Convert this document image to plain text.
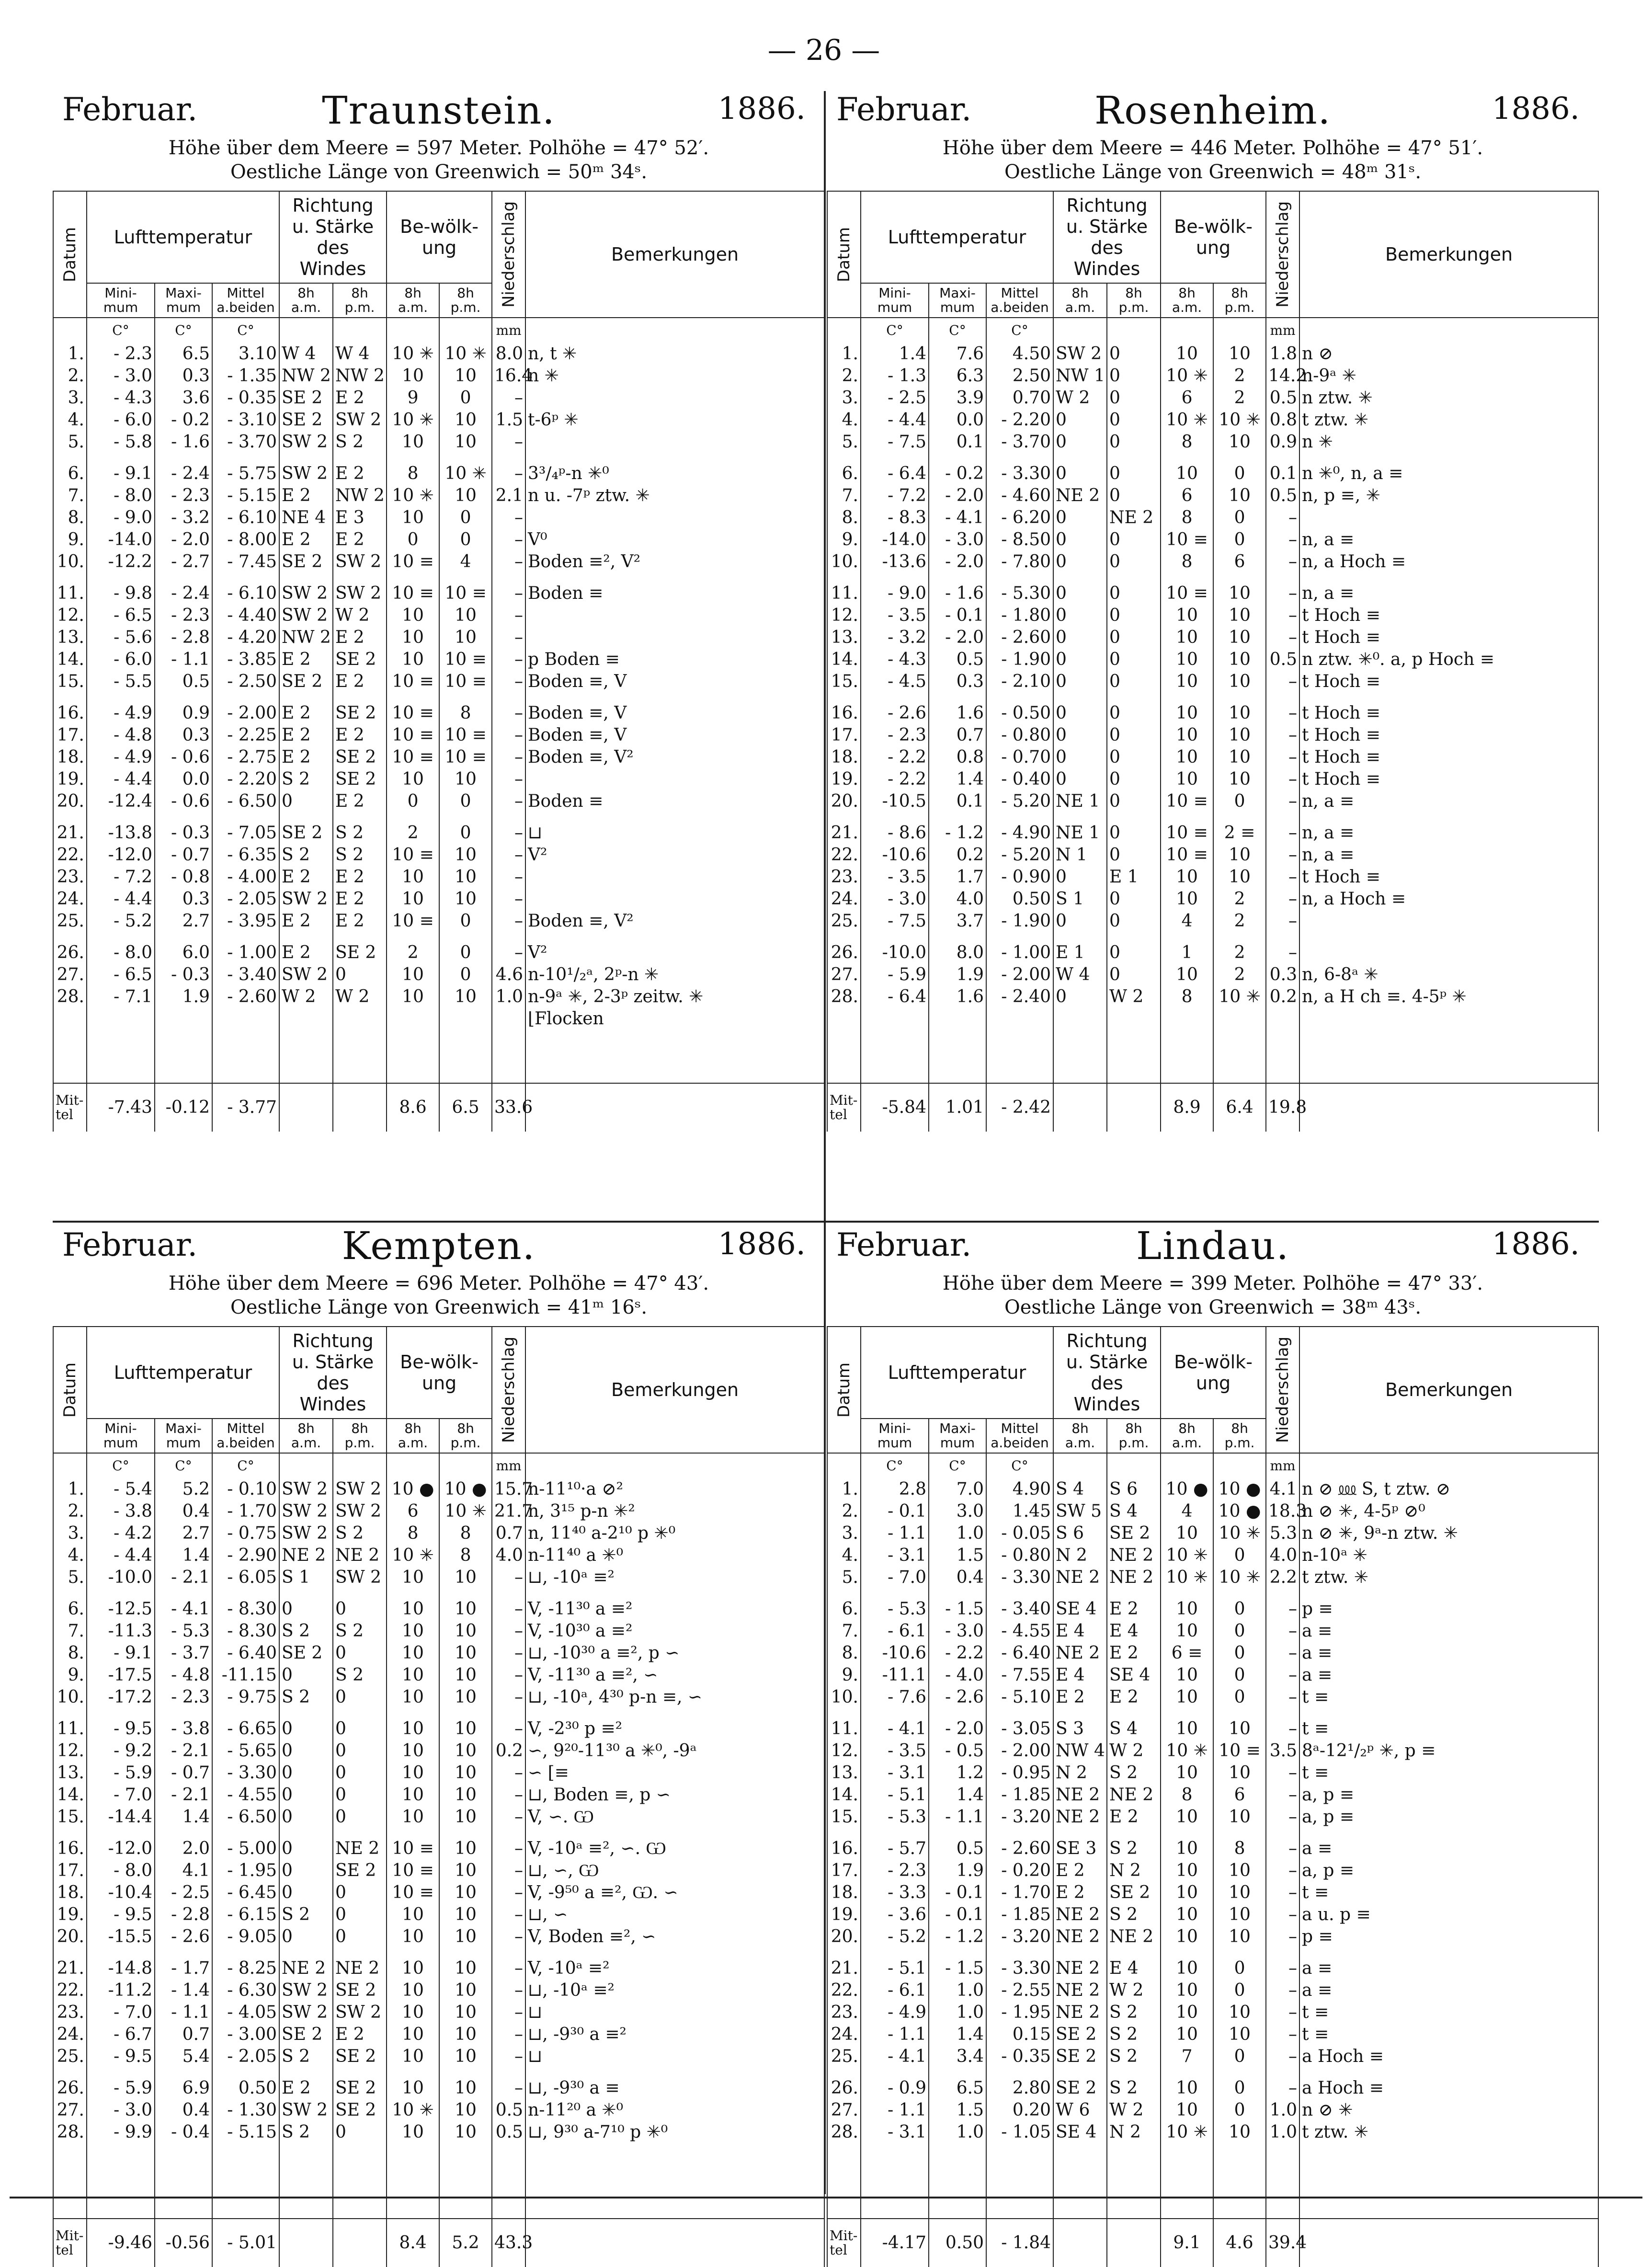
— 26 —
Februar.	Traunstein.	1886.
Höhe über dem Meere = 597 Meter. Polhöhe = 47° 52′.
Oestliche Länge von Greenwich = 50ᵐ 34ˢ.
Datum	Lufttemperatur			Richtung u. Stärke des Windes		Be-wölk-ung		Niederschlag	Bemerkungen
	Mini-mum	Maxi-mum	Mittel a.beiden	8h a.m.	8h p.m.	8h a.m.	8h p.m.		
	C°	C°	C°					mm	
1.	- 2.3	6.5	3.10	W 4	W 4	10 ✳	10 ✳	8.0	n, t ✳
2.	- 3.0	0.3	- 1.35	NW 2	NW 2	10	10	16.4	n ✳
3.	- 4.3	3.6	- 0.35	SE 2	E 2	9	0	–	
4.	- 6.0	- 0.2	- 3.10	SE 2	SW 2	10 ✳	10	1.5	t-6ᵖ ✳
5.	- 5.8	- 1.6	- 3.70	SW 2	S 2	10	10	–	

6.	- 9.1	- 2.4	- 5.75	SW 2	E 2	8	10 ✳	–	3³/₄ᵖ-n ✳⁰
7.	- 8.0	- 2.3	- 5.15	E 2	NW 2	10 ✳	10	2.1	n u. -7ᵖ ztw. ✳
8.	- 9.0	- 3.2	- 6.10	NE 4	E 3	10	0	–	
9.	-14.0	- 2.0	- 8.00	E 2	E 2	0	0	–	V⁰
10.	-12.2	- 2.7	- 7.45	SE 2	SW 2	10 ≡	4	–	Boden ≡², V²

11.	- 9.8	- 2.4	- 6.10	SW 2	SW 2	10 ≡	10 ≡	–	Boden ≡
12.	- 6.5	- 2.3	- 4.40	SW 2	W 2	10	10	–	
13.	- 5.6	- 2.8	- 4.20	NW 2	E 2	10	10	–	
14.	- 6.0	- 1.1	- 3.85	E 2	SE 2	10	10 ≡	–	p Boden ≡
15.	- 5.5	0.5	- 2.50	SE 2	E 2	10 ≡	10 ≡	–	Boden ≡, V

16.	- 4.9	0.9	- 2.00	E 2	SE 2	10 ≡	8	–	Boden ≡, V
17.	- 4.8	0.3	- 2.25	E 2	E 2	10 ≡	10 ≡	–	Boden ≡, V
18.	- 4.9	- 0.6	- 2.75	E 2	SE 2	10 ≡	10 ≡	–	Boden ≡, V²
19.	- 4.4	0.0	- 2.20	S 2	SE 2	10	10	–	
20.	-12.4	- 0.6	- 6.50	0	E 2	0	0	–	Boden ≡

21.	-13.8	- 0.3	- 7.05	SE 2	S 2	2	0	–	⊔
22.	-12.0	- 0.7	- 6.35	S 2	S 2	10 ≡	10	–	V²
23.	- 7.2	- 0.8	- 4.00	E 2	E 2	10	10	–	
24.	- 4.4	0.3	- 2.05	SW 2	E 2	10	10	–	
25.	- 5.2	2.7	- 3.95	E 2	E 2	10 ≡	0	–	Boden ≡, V²

26.	- 8.0	6.0	- 1.00	E 2	SE 2	2	0	–	V²
27.	- 6.5	- 0.3	- 3.40	SW 2	0	10	0	4.6	n-10¹/₂ᵃ, 2ᵖ-n ✳
28.	- 7.1	1.9	- 2.60	W 2	W 2	10	10	1.0	n-9ᵃ ✳, 2-3ᵖ zeitw. ✳
									⌊Flocken

Mit-tel	-7.43	-0.12	- 3.77			8.6	6.5	33.6	
Februar.	Rosenheim.	1886.
Höhe über dem Meere = 446 Meter. Polhöhe = 47° 51′.
Oestliche Länge von Greenwich = 48ᵐ 31ˢ.
Datum	Lufttemperatur			Richtung u. Stärke des Windes		Be-wölk-ung		Niederschlag	Bemerkungen
	Mini-mum	Maxi-mum	Mittel a.beiden	8h a.m.	8h p.m.	8h a.m.	8h p.m.		
	C°	C°	C°					mm	
1.	1.4	7.6	4.50	SW 2	0	10	10	1.8	n ⊘
2.	- 1.3	6.3	2.50	NW 1	0	10 ✳	2	14.2	n-9ᵃ ✳
3.	- 2.5	3.9	0.70	W 2	0	6	2	0.5	n ztw. ✳
4.	- 4.4	0.0	- 2.20	0	0	10 ✳	10 ✳	0.8	t ztw. ✳
5.	- 7.5	0.1	- 3.70	0	0	8	10	0.9	n ✳

6.	- 6.4	- 0.2	- 3.30	0	0	10	0	0.1	n ✳⁰, n, a ≡
7.	- 7.2	- 2.0	- 4.60	NE 2	0	6	10	0.5	n, p ≡, ✳
8.	- 8.3	- 4.1	- 6.20	0	NE 2	8	0	–	
9.	-14.0	- 3.0	- 8.50	0	0	10 ≡	0	–	n, a ≡
10.	-13.6	- 2.0	- 7.80	0	0	8	6	–	n, a Hoch ≡

11.	- 9.0	- 1.6	- 5.30	0	0	10 ≡	10	–	n, a ≡
12.	- 3.5	- 0.1	- 1.80	0	0	10	10	–	t Hoch ≡
13.	- 3.2	- 2.0	- 2.60	0	0	10	10	–	t Hoch ≡
14.	- 4.3	0.5	- 1.90	0	0	10	10	0.5	n ztw. ✳⁰. a, p Hoch ≡
15.	- 4.5	0.3	- 2.10	0	0	10	10	–	t Hoch ≡

16.	- 2.6	1.6	- 0.50	0	0	10	10	–	t Hoch ≡
17.	- 2.3	0.7	- 0.80	0	0	10	10	–	t Hoch ≡
18.	- 2.2	0.8	- 0.70	0	0	10	10	–	t Hoch ≡
19.	- 2.2	1.4	- 0.40	0	0	10	10	–	t Hoch ≡
20.	-10.5	0.1	- 5.20	NE 1	0	10 ≡	0	–	n, a ≡

21.	- 8.6	- 1.2	- 4.90	NE 1	0	10 ≡	2 ≡	–	n, a ≡
22.	-10.6	0.2	- 5.20	N 1	0	10 ≡	10	–	n, a ≡
23.	- 3.5	1.7	- 0.90	0	E 1	10	10	–	t Hoch ≡
24.	- 3.0	4.0	0.50	S 1	0	10	2	–	n, a Hoch ≡
25.	- 7.5	3.7	- 1.90	0	0	4	2	–	

26.	-10.0	8.0	- 1.00	E 1	0	1	2	–	
27.	- 5.9	1.9	- 2.00	W 4	0	10	2	0.3	n, 6-8ᵃ ✳
28.	- 6.4	1.6	- 2.40	0	W 2	8	10 ✳	0.2	n, a H ch ≡. 4-5ᵖ ✳

Mit-tel	-5.84	1.01	- 2.42			8.9	6.4	19.8	
Februar.	Kempten.	1886.
Höhe über dem Meere = 696 Meter. Polhöhe = 47° 43′.
Oestliche Länge von Greenwich = 41ᵐ 16ˢ.
Datum	Lufttemperatur			Richtung u. Stärke des Windes		Be-wölk-ung		Niederschlag	Bemerkungen
	Mini-mum	Maxi-mum	Mittel a.beiden	8h a.m.	8h p.m.	8h a.m.	8h p.m.		
	C°	C°	C°					mm	
1.	- 5.4	5.2	- 0.10	SW 2	SW 2	10 ●	10 ●	15.7	n-11¹⁰·a ⊘²
2.	- 3.8	0.4	- 1.70	SW 2	SW 2	6	10 ✳	21.7	n, 3¹⁵ p-n ✳²
3.	- 4.2	2.7	- 0.75	SW 2	S 2	8	8	0.7	n, 11⁴⁰ a-2¹⁰ p ✳⁰
4.	- 4.4	1.4	- 2.90	NE 2	NE 2	10 ✳	8	4.0	n-11⁴⁰ a ✳⁰
5.	-10.0	- 2.1	- 6.05	S 1	SW 2	10	10	–	⊔, -10ᵃ ≡²

6.	-12.5	- 4.1	- 8.30	0	0	10	10	–	V, -11³⁰ a ≡²
7.	-11.3	- 5.3	- 8.30	S 2	S 2	10	10	–	V, -10³⁰ a ≡²
8.	- 9.1	- 3.7	- 6.40	SE 2	0	10	10	–	⊔, -10³⁰ a ≡², p ∽
9.	-17.5	- 4.8	-11.15	0	S 2	10	10	–	V, -11³⁰ a ≡², ∽
10.	-17.2	- 2.3	- 9.75	S 2	0	10	10	–	⊔, -10ᵃ, 4³⁰ p-n ≡, ∽

11.	- 9.5	- 3.8	- 6.65	0	0	10	10	–	V, -2³⁰ p ≡²
12.	- 9.2	- 2.1	- 5.65	0	0	10	10	0.2	∽, 9²⁰-11³⁰ a ✳⁰, -9ᵃ
13.	- 5.9	- 0.7	- 3.30	0	0	10	10	–	∽ [≡
14.	- 7.0	- 2.1	- 4.55	0	0	10	10	–	⊔, Boden ≡, p ∽
15.	-14.4	1.4	- 6.50	0	0	10	10	–	V, ∽. Ѡ

16.	-12.0	2.0	- 5.00	0	NE 2	10 ≡	10	–	V, -10ᵃ ≡², ∽. Ѡ
17.	- 8.0	4.1	- 1.95	0	SE 2	10 ≡	10	–	⊔, ∽, Ѡ
18.	-10.4	- 2.5	- 6.45	0	0	10 ≡	10	–	V, -9⁵⁰ a ≡², Ѡ. ∽
19.	- 9.5	- 2.8	- 6.15	S 2	0	10	10	–	⊔, ∽
20.	-15.5	- 2.6	- 9.05	0	0	10	10	–	V, Boden ≡², ∽

21.	-14.8	- 1.7	- 8.25	NE 2	NE 2	10	10	–	V, -10ᵃ ≡²
22.	-11.2	- 1.4	- 6.30	SW 2	SE 2	10	10	–	⊔, -10ᵃ ≡²
23.	- 7.0	- 1.1	- 4.05	SW 2	SW 2	10	10	–	⊔
24.	- 6.7	0.7	- 3.00	SE 2	E 2	10	10	–	⊔, -9³⁰ a ≡²
25.	- 9.5	5.4	- 2.05	S 2	SE 2	10	10	–	⊔

26.	- 5.9	6.9	0.50	E 2	SE 2	10	10	–	⊔, -9³⁰ a ≡
27.	- 3.0	0.4	- 1.30	SW 2	SE 2	10 ✳	10	0.5	n-11²⁰ a ✳⁰
28.	- 9.9	- 0.4	- 5.15	S 2	0	10	10	0.5	⊔, 9³⁰ a-7¹⁰ p ✳⁰

Mit-tel	-9.46	-0.56	- 5.01			8.4	5.2	43.3	
Februar.	Lindau.	1886.
Höhe über dem Meere = 399 Meter. Polhöhe = 47° 33′.
Oestliche Länge von Greenwich = 38ᵐ 43ˢ.
Datum	Lufttemperatur			Richtung u. Stärke des Windes		Be-wölk-ung		Niederschlag	Bemerkungen
	Mini-mum	Maxi-mum	Mittel a.beiden	8h a.m.	8h p.m.	8h a.m.	8h p.m.		
	C°	C°	C°					mm	
1.	2.8	7.0	4.90	S 4	S 6	10 ●	10 ●	4.1	n ⊘ ⅏ S, t ztw. ⊘
2.	- 0.1	3.0	1.45	SW 5	S 4	4	10 ●	18.3	n ⊘ ✳, 4-5ᵖ ⊘⁰
3.	- 1.1	1.0	- 0.05	S 6	SE 2	10	10 ✳	5.3	n ⊘ ✳, 9ᵃ-n ztw. ✳
4.	- 3.1	1.5	- 0.80	N 2	NE 2	10 ✳	0	4.0	n-10ᵃ ✳
5.	- 7.0	0.4	- 3.30	NE 2	NE 2	10 ✳	10 ✳	2.2	t ztw. ✳

6.	- 5.3	- 1.5	- 3.40	SE 4	E 2	10	0	–	p ≡
7.	- 6.1	- 3.0	- 4.55	E 4	E 4	10	0	–	a ≡
8.	-10.6	- 2.2	- 6.40	NE 2	E 2	6 ≡	0	–	a ≡
9.	-11.1	- 4.0	- 7.55	E 4	SE 4	10	0	–	a ≡
10.	- 7.6	- 2.6	- 5.10	E 2	E 2	10	0	–	t ≡

11.	- 4.1	- 2.0	- 3.05	S 3	S 4	10	10	–	t ≡
12.	- 3.5	- 0.5	- 2.00	NW 4	W 2	10 ✳	10 ≡	3.5	8ᵃ-12¹/₂ᵖ ✳, p ≡
13.	- 3.1	1.2	- 0.95	N 2	S 2	10	10	–	t ≡
14.	- 5.1	1.4	- 1.85	NE 2	NE 2	8	6	–	a, p ≡
15.	- 5.3	- 1.1	- 3.20	NE 2	E 2	10	10	–	a, p ≡

16.	- 5.7	0.5	- 2.60	SE 3	S 2	10	8	–	a ≡
17.	- 2.3	1.9	- 0.20	E 2	N 2	10	10	–	a, p ≡
18.	- 3.3	- 0.1	- 1.70	E 2	SE 2	10	10	–	t ≡
19.	- 3.6	- 0.1	- 1.85	NE 2	S 2	10	10	–	a u. p ≡
20.	- 5.2	- 1.2	- 3.20	NE 2	NE 2	10	10	–	p ≡

21.	- 5.1	- 1.5	- 3.30	NE 2	E 4	10	0	–	a ≡
22.	- 6.1	1.0	- 2.55	NE 2	W 2	10	0	–	a ≡
23.	- 4.9	1.0	- 1.95	NE 2	S 2	10	10	–	t ≡
24.	- 1.1	1.4	0.15	SE 2	S 2	10	10	–	t ≡
25.	- 4.1	3.4	- 0.35	SE 2	S 2	7	0	–	a Hoch ≡

26.	- 0.9	6.5	2.80	SE 2	S 2	10	0	–	a Hoch ≡
27.	- 1.1	1.5	0.20	W 6	W 2	10	0	1.0	n ⊘ ✳
28.	- 3.1	1.0	- 1.05	SE 4	N 2	10 ✳	10	1.0	t ztw. ✳

Mit-tel	-4.17	0.50	- 1.84			9.1	4.6	39.4	
